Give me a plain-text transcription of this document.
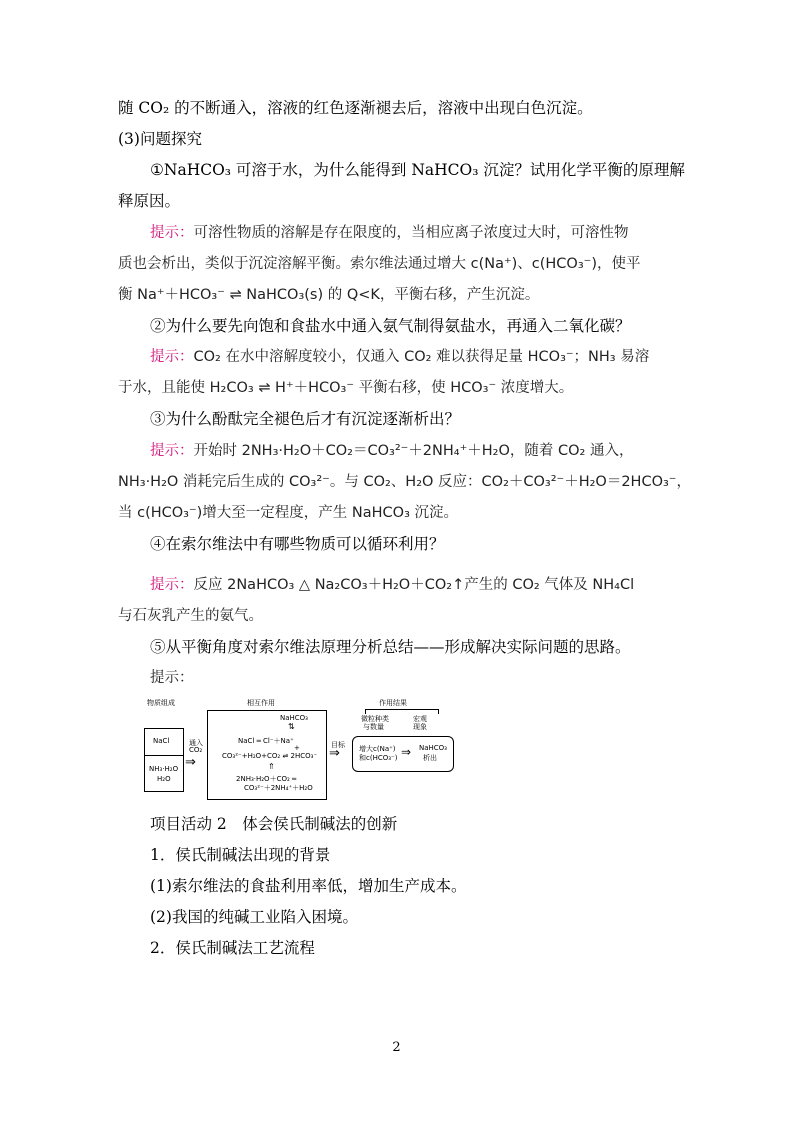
随 CO₂ 的不断通入，溶液的红色逐渐褪去后，溶液中出现白色沉淀。
(3)问题探究
①NaHCO₃ 可溶于水，为什么能得到 NaHCO₃ 沉淀？试用化学平衡的原理解
释原因。
提示：可溶性物质的溶解是存在限度的，当相应离子浓度过大时，可溶性物
质也会析出，类似于沉淀溶解平衡。索尔维法通过增大 c(Na⁺)、c(HCO₃⁻)，使平
衡 Na⁺＋HCO₃⁻ ⇌ NaHCO₃(s) 的 Q<K，平衡右移，产生沉淀。
②为什么要先向饱和食盐水中通入氨气制得氨盐水，再通入二氧化碳？
提示：CO₂ 在水中溶解度较小，仅通入 CO₂ 难以获得足量 HCO₃⁻；NH₃ 易溶
于水，且能使 H₂CO₃ ⇌ H⁺＋HCO₃⁻ 平衡右移，使 HCO₃⁻ 浓度增大。
③为什么酚酞完全褪色后才有沉淀逐渐析出？
提示：开始时 2NH₃·H₂O＋CO₂＝CO₃²⁻＋2NH₄⁺＋H₂O，随着 CO₂ 通入，
NH₃·H₂O 消耗完后生成的 CO₃²⁻。与 CO₂、H₂O 反应：CO₂＋CO₃²⁻＋H₂O＝2HCO₃⁻，
当 c(HCO₃⁻)增大至一定程度，产生 NaHCO₃ 沉淀。
④在索尔维法中有哪些物质可以循环利用？
提示：反应 2NaHCO₃ △ Na₂CO₃＋H₂O＋CO₂↑产生的 CO₂ 气体及 NH₄Cl
与石灰乳产生的氨气。
⑤从平衡角度对索尔维法原理分析总结——形成解决实际问题的思路。
提示：
物质组成	相互作用	作用结果
NaCl
NH₃·H₂O
H₂O
通入
CO₂
⇒
NaHCO₃
⇅
NaCl ═ Cl⁻＋Na⁺
+
CO₃²⁻+H₂O+CO₂ ⇌ 2HCO₃⁻
⇑
2NH₃·H₂O＋CO₂ ═
CO₃²⁻＋2NH₄⁺＋H₂O
目标
⇒
微粒种类
与数量
宏观
现象
增大c(Na⁺)
和c(HCO₃⁻) ⇒ NaHCO₃
析出
项目活动 2　体会侯氏制碱法的创新
1．侯氏制碱法出现的背景
(1)索尔维法的食盐利用率低，增加生产成本。
(2)我国的纯碱工业陷入困境。
2．侯氏制碱法工艺流程
2
